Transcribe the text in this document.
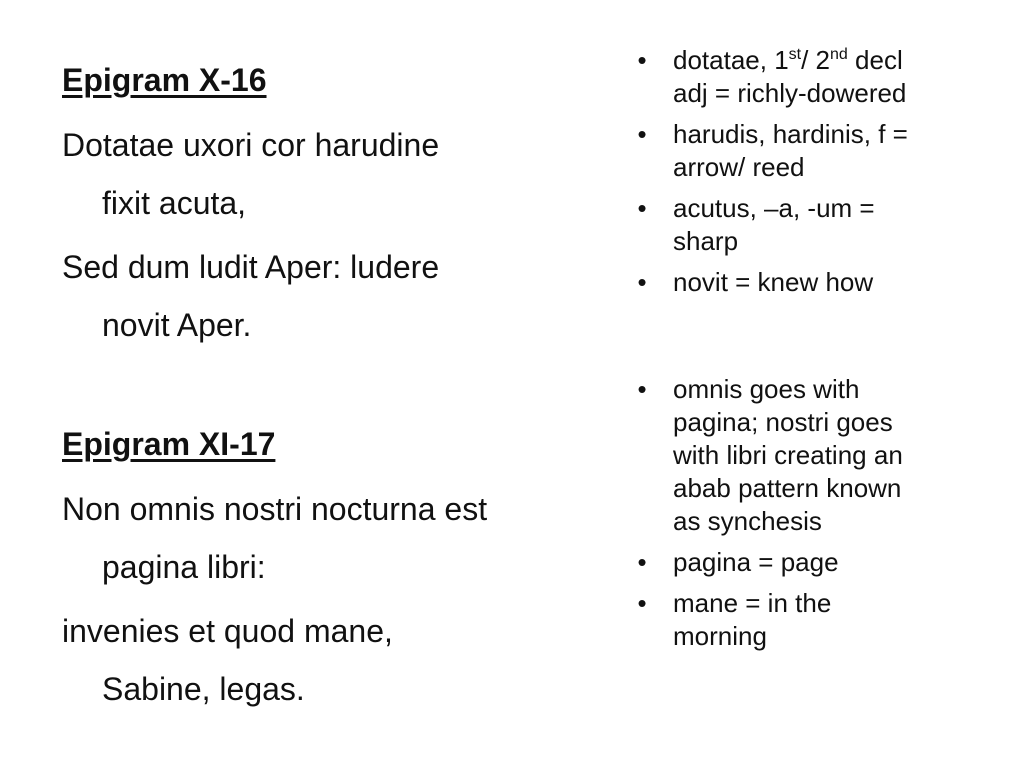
Epigram X-16
Dotatae uxori cor harudine
fixit acuta,
Sed dum ludit Aper: ludere
novit Aper.
Epigram XI-17
Non omnis nostri nocturna est
pagina libri:
invenies et quod mane,
Sabine, legas.
• dotatae, 1st/ 2nd decl
adj = richly-dowered
• harudis, hardinis, f =
arrow/ reed
• acutus, –a, -um =
sharp
• novit = knew how
• omnis goes with
pagina; nostri goes
with libri creating an
abab pattern known
as synchesis
• pagina = page
• mane = in the
morning
